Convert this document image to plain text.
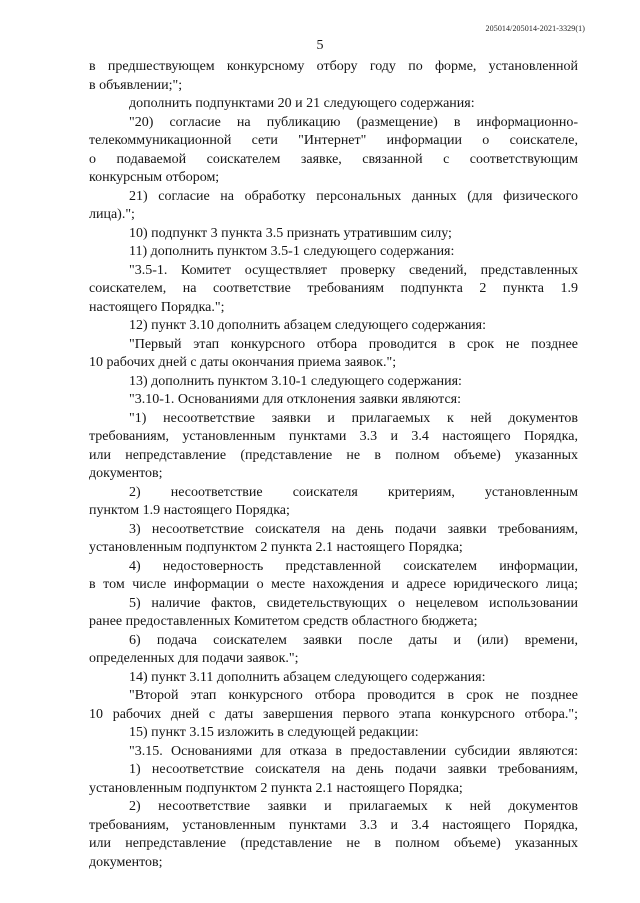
205014/205014-2021-3329(1)
5
в предшествующем конкурсному отбору году по форме, установленной
в объявлении;";
дополнить подпунктами 20 и 21 следующего содержания:
"20) согласие на публикацию (размещение) в информационно-
телекоммуникационной сети "Интернет" информации о соискателе,
о подаваемой соискателем заявке, связанной с соответствующим
конкурсным отбором;
21) согласие на обработку персональных данных (для физического
лица).";
10) подпункт 3 пункта 3.5 признать утратившим силу;
11) дополнить пунктом 3.5-1 следующего содержания:
"3.5-1. Комитет осуществляет проверку сведений, представленных
соискателем, на соответствие требованиям подпункта 2 пункта 1.9
настоящего Порядка.";
12) пункт 3.10 дополнить абзацем следующего содержания:
"Первый этап конкурсного отбора проводится в срок не позднее
10 рабочих дней с даты окончания приема заявок.";
13) дополнить пунктом 3.10-1 следующего содержания:
"3.10-1. Основаниями для отклонения заявки являются:
"1) несоответствие заявки и прилагаемых к ней документов
требованиям, установленным пунктами 3.3 и 3.4 настоящего Порядка,
или непредставление (представление не в полном объеме) указанных
документов;
2) несоответствие соискателя критериям, установленным
пунктом 1.9 настоящего Порядка;
3) несоответствие соискателя на день подачи заявки требованиям,
установленным подпунктом 2 пункта 2.1 настоящего Порядка;
4) недостоверность представленной соискателем информации,
в том числе информации о месте нахождения и адресе юридического лица;
5) наличие фактов, свидетельствующих о нецелевом использовании
ранее предоставленных Комитетом средств областного бюджета;
6) подача соискателем заявки после даты и (или) времени,
определенных для подачи заявок.";
14) пункт 3.11 дополнить абзацем следующего содержания:
"Второй этап конкурсного отбора проводится в срок не позднее
10 рабочих дней с даты завершения первого этапа конкурсного отбора.";
15) пункт 3.15 изложить в следующей редакции:
"3.15. Основаниями для отказа в предоставлении субсидии являются:
1) несоответствие соискателя на день подачи заявки требованиям,
установленным подпунктом 2 пункта 2.1 настоящего Порядка;
2) несоответствие заявки и прилагаемых к ней документов
требованиям, установленным пунктами 3.3 и 3.4 настоящего Порядка,
или непредставление (представление не в полном объеме) указанных
документов;
